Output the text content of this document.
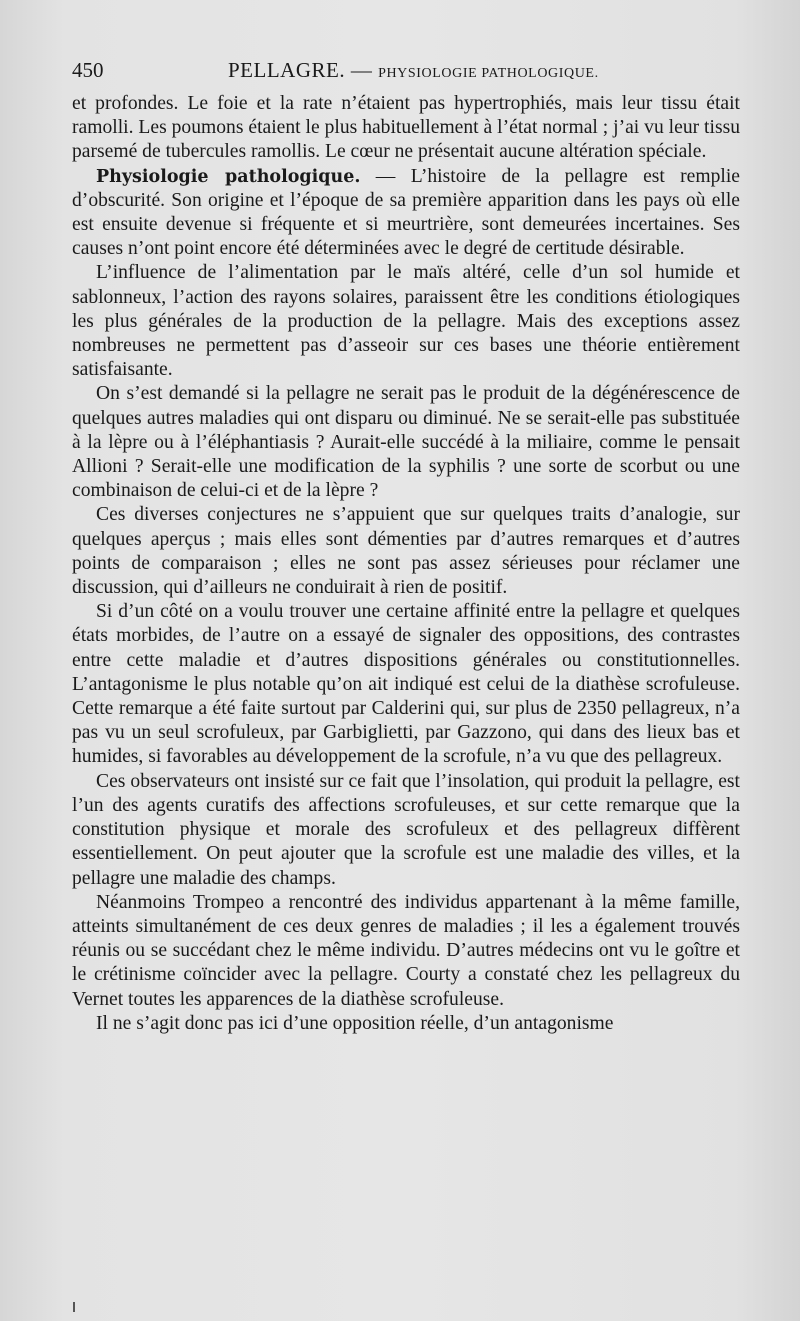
450	PELLAGRE. — PHYSIOLOGIE PATHOLOGIQUE.

et profondes. Le foie et la rate n’étaient pas hypertrophiés, mais leur tissu était ramolli. Les poumons étaient le plus habituellement à l’état normal ; j’ai vu leur tissu parsemé de tubercules ramollis. Le cœur ne présentait aucune altération spéciale.

Physiologie pathologique. — L’histoire de la pellagre est remplie d’obscurité. Son origine et l’époque de sa première apparition dans les pays où elle est ensuite devenue si fréquente et si meurtrière, sont demeurées incertaines. Ses causes n’ont point encore été déterminées avec le degré de certitude désirable.

L’influence de l’alimentation par le maïs altéré, celle d’un sol humide et sablonneux, l’action des rayons solaires, paraissent être les conditions étiologiques les plus générales de la production de la pellagre. Mais des exceptions assez nombreuses ne permettent pas d’asseoir sur ces bases une théorie entièrement satisfaisante.

On s’est demandé si la pellagre ne serait pas le produit de la dégénérescence de quelques autres maladies qui ont disparu ou diminué. Ne se serait-elle pas substituée à la lèpre ou à l’éléphantiasis ? Aurait-elle succédé à la miliaire, comme le pensait Allioni ? Serait-elle une modification de la syphilis ? une sorte de scorbut ou une combinaison de celui-ci et de la lèpre ?

Ces diverses conjectures ne s’appuient que sur quelques traits d’analogie, sur quelques aperçus ; mais elles sont démenties par d’autres remarques et d’autres points de comparaison ; elles ne sont pas assez sérieuses pour réclamer une discussion, qui d’ailleurs ne conduirait à rien de positif.

Si d’un côté on a voulu trouver une certaine affinité entre la pellagre et quelques états morbides, de l’autre on a essayé de signaler des oppositions, des contrastes entre cette maladie et d’autres dispositions générales ou constitutionnelles. L’antagonisme le plus notable qu’on ait indiqué est celui de la diathèse scrofuleuse. Cette remarque a été faite surtout par Calderini qui, sur plus de 2350 pellagreux, n’a pas vu un seul scrofuleux, par Garbiglietti, par Gazzono, qui dans des lieux bas et humides, si favorables au développement de la scrofule, n’a vu que des pellagreux.

Ces observateurs ont insisté sur ce fait que l’insolation, qui produit la pellagre, est l’un des agents curatifs des affections scrofuleuses, et sur cette remarque que la constitution physique et morale des scrofuleux et des pellagreux diffèrent essentiellement. On peut ajouter que la scrofule est une maladie des villes, et la pellagre une maladie des champs.

Néanmoins Trompeo a rencontré des individus appartenant à la même famille, atteints simultanément de ces deux genres de maladies ; il les a également trouvés réunis ou se succédant chez le même individu. D’autres médecins ont vu le goître et le crétinisme coïncider avec la pellagre. Courty a constaté chez les pellagreux du Vernet toutes les apparences de la diathèse scrofuleuse.

Il ne s’agit donc pas ici d’une opposition réelle, d’un antagonisme
